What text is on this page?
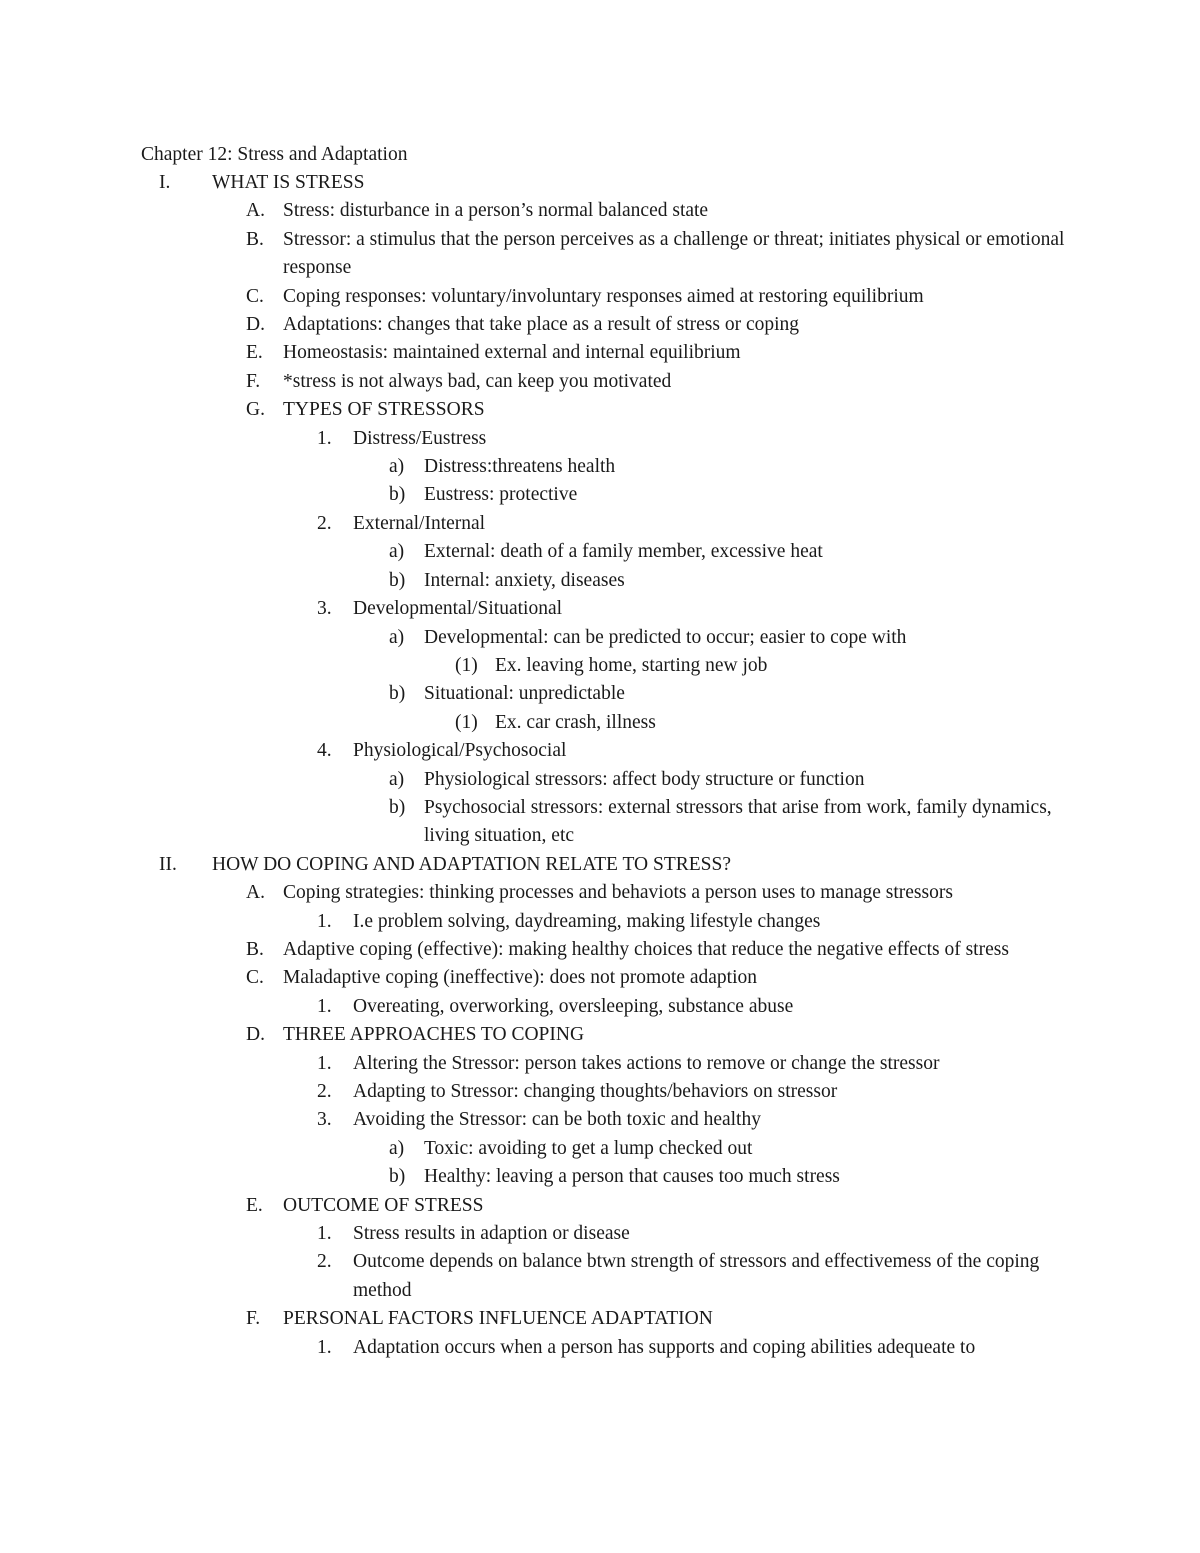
Chapter 12: Stress and Adaptation
I. WHAT IS STRESS
A. Stress: disturbance in a person’s normal balanced state
B. Stressor: a stimulus that the person perceives as a challenge or threat; initiates physical or emotional response
C. Coping responses: voluntary/involuntary responses aimed at restoring equilibrium
D. Adaptations: changes that take place as a result of stress or coping
E. Homeostasis: maintained external and internal equilibrium
F. *stress is not always bad, can keep you motivated
G. TYPES OF STRESSORS
1. Distress/Eustress
a) Distress:threatens health
b) Eustress: protective
2. External/Internal
a) External: death of a family member, excessive heat
b) Internal: anxiety, diseases
3. Developmental/Situational
a) Developmental: can be predicted to occur; easier to cope with
(1) Ex. leaving home, starting new job
b) Situational: unpredictable
(1) Ex. car crash, illness
4. Physiological/Psychosocial
a) Physiological stressors: affect body structure or function
b) Psychosocial stressors: external stressors that arise from work, family dynamics, living situation, etc
II. HOW DO COPING AND ADAPTATION RELATE TO STRESS?
A. Coping strategies: thinking processes and behaviots a person uses to manage stressors
1. I.e problem solving, daydreaming, making lifestyle changes
B. Adaptive coping (effective): making healthy choices that reduce the negative effects of stress
C. Maladaptive coping (ineffective): does not promote adaption
1. Overeating, overworking, oversleeping, substance abuse
D. THREE APPROACHES TO COPING
1. Altering the Stressor: person takes actions to remove or change the stressor
2. Adapting to Stressor: changing thoughts/behaviors on stressor
3. Avoiding the Stressor: can be both toxic and healthy
a) Toxic: avoiding to get a lump checked out
b) Healthy: leaving a person that causes too much stress
E. OUTCOME OF STRESS
1. Stress results in adaption or disease
2. Outcome depends on balance btwn strength of stressors and effectivemess of the coping method
F. PERSONAL FACTORS INFLUENCE ADAPTATION
1. Adaptation occurs when a person has supports and coping abilities adequeate to
